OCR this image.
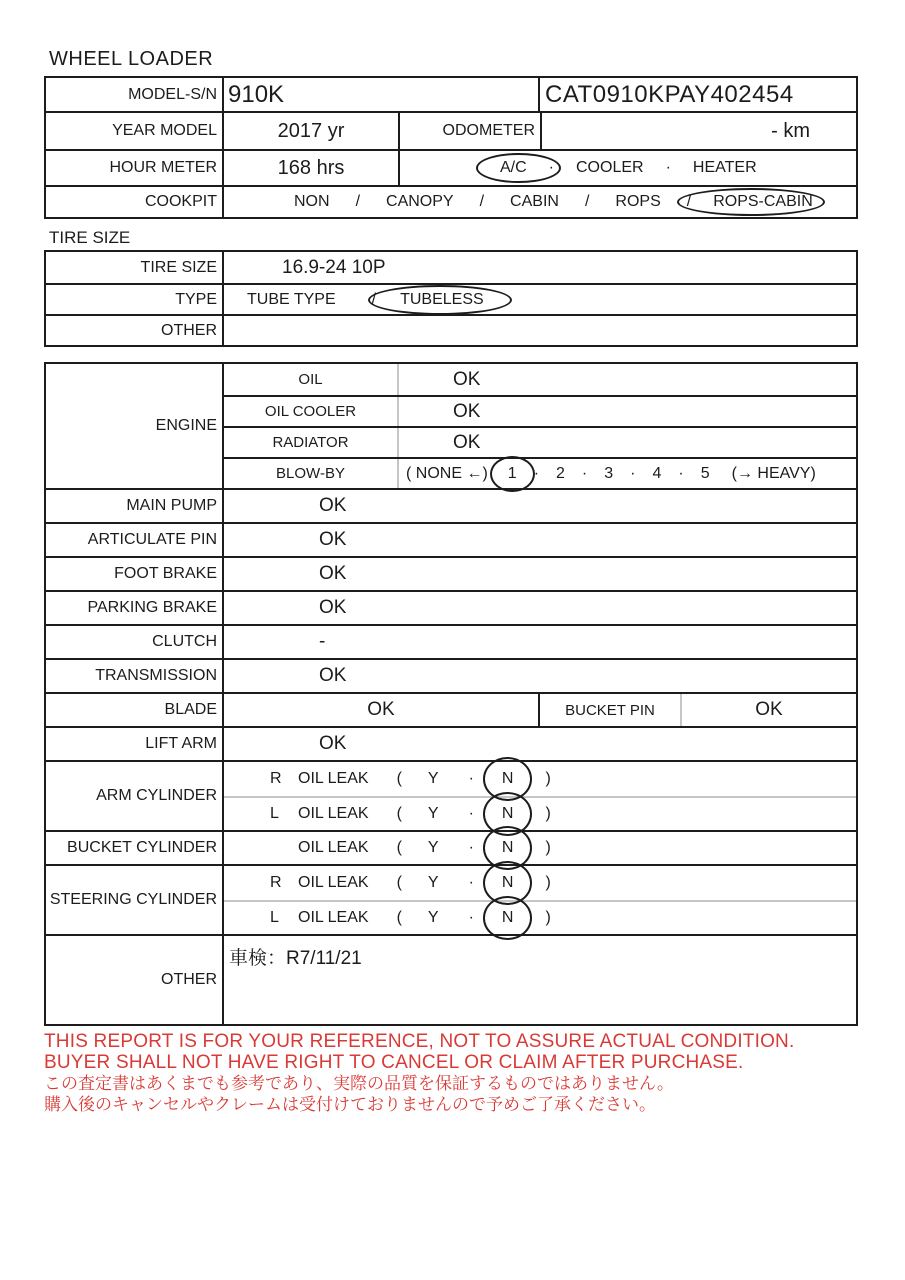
WHEEL LOADER
MODEL-S/N 910K	CAT0910KPAY402454
YEAR MODEL	2017 yr	ODOMETER	- km
HOUR METER	168 hrs	A/C · COOLER · HEATER
COOKPIT	NON / CANOPY / CABIN / ROPS / ROPS-CABIN
TIRE SIZE
TIRE SIZE	16.9-24 10P
TYPE	TUBE TYPE / TUBELESS
OTHER
ENGINE
OIL	OK
OIL COOLER	OK
RADIATOR	OK
BLOW-BY	( NONE ←) 1 · 2 · 3 · 4 · 5 (→ HEAVY)
MAIN PUMP	OK
ARTICULATE PIN	OK
FOOT BRAKE	OK
PARKING BRAKE	OK
CLUTCH	-
TRANSMISSION	OK
BLADE	OK	BUCKET PIN	OK
LIFT ARM	OK
ARM CYLINDER
R OIL LEAK ( Y · N )
L	OIL LEAK ( Y · N )
BUCKET CYLINDER	OIL LEAK ( Y · N )
STEERING CYLINDER
R OIL LEAK ( Y · N )
L	OIL LEAK ( Y · N )
OTHER
車検：R7/11/21
THIS REPORT IS FOR YOUR REFERENCE, NOT TO ASSURE ACTUAL CONDITION.
BUYER SHALL NOT HAVE RIGHT TO CANCEL OR CLAIM AFTER PURCHASE.
この査定書はあくまでも参考であり、実際の品質を保証するものではありません。
購入後のキャンセルやクレームは受付けておりませんので予めご了承ください。
